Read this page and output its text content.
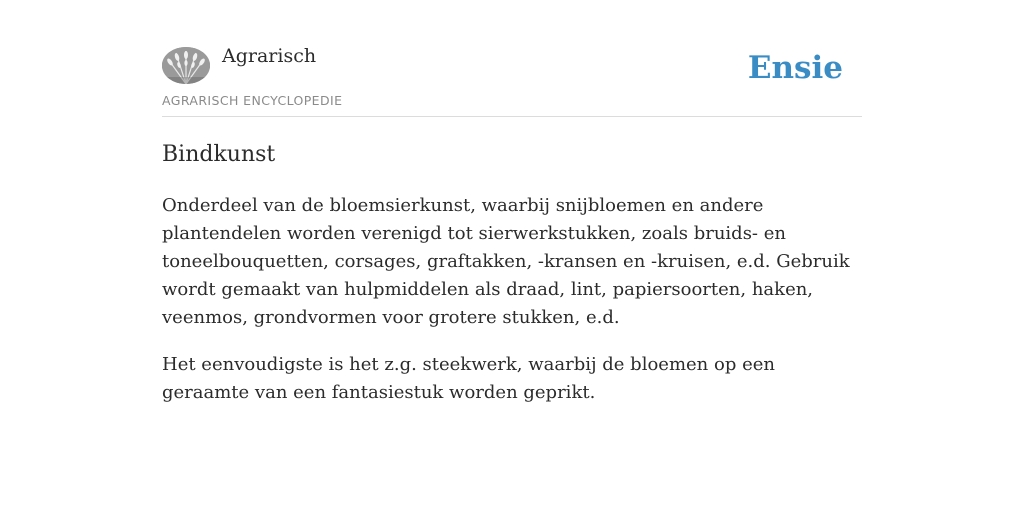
Agrarisch
AGRARISCH ENCYCLOPEDIE
Ensie
Bindkunst

Onderdeel van de bloemsierkunst, waarbij snijbloemen en andere plantendelen worden verenigd tot sierwerkstukken, zoals bruids- en toneelbouquetten, corsages, graftakken, -kransen en -kruisen, e.d. Gebruik wordt gemaakt van hulpmiddelen als draad, lint, papiersoorten, haken, veenmos, grondvormen voor grotere stukken, e.d.

Het eenvoudigste is het z.g. steekwerk, waarbij de bloemen op een geraamte van een fantasiestuk worden geprikt.
